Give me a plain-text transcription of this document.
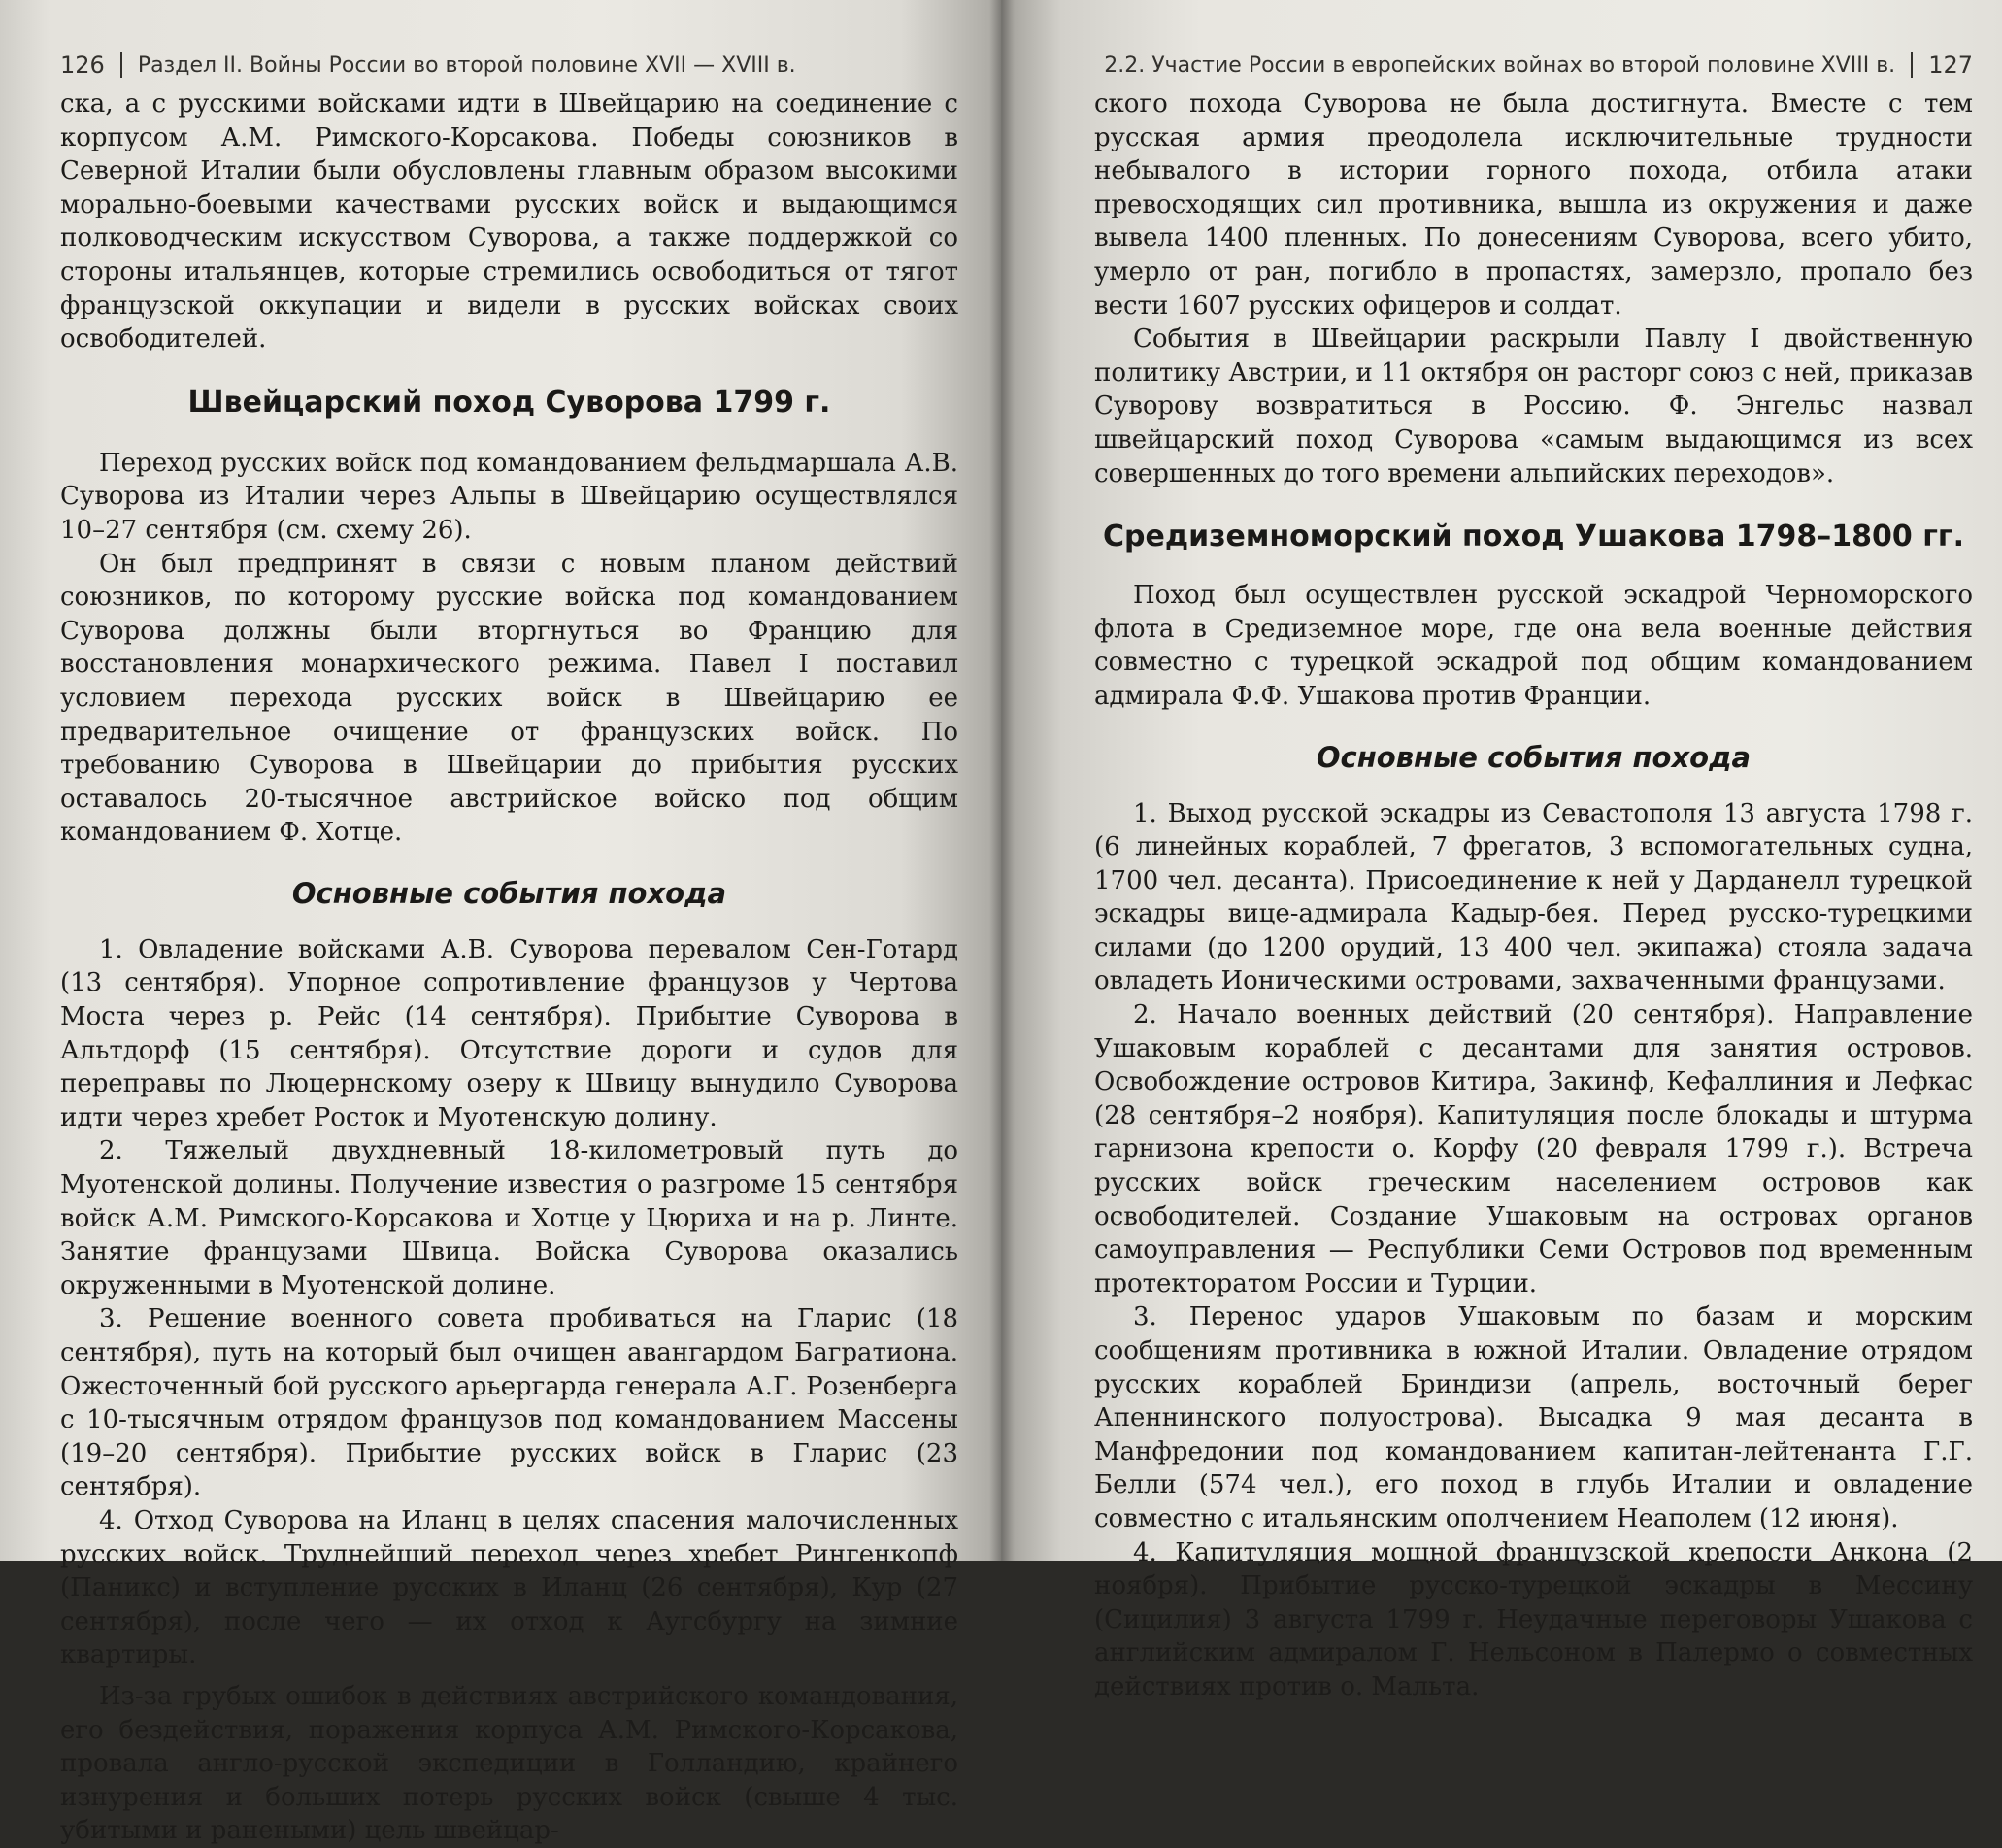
126 Раздел II. Войны России во второй половине XVII — XVIII в.

ска, а с русскими войсками идти в Швейцарию на соединение с корпусом А.М. Римского-Корсакова. Победы союзников в Северной Италии были обусловлены главным образом высокими морально-боевыми качествами русских войск и выдающимся полководческим искусством Суворова, а также поддержкой со стороны итальянцев, которые стремились освободиться от тягот французской оккупации и видели в русских войсках своих освободителей.

Швейцарский поход Суворова 1799 г.

Переход русских войск под командованием фельдмаршала А.В. Суворова из Италии через Альпы в Швейцарию осуществлялся 10–27 сентября (см. схему 26).

Он был предпринят в связи с новым планом действий союзников, по которому русские войска под командованием Суворова должны были вторгнуться во Францию для восстановления монархического режима. Павел I поставил условием перехода русских войск в Швейцарию ее предварительное очищение от французских войск. По требованию Суворова в Швейцарии до прибытия русских оставалось 20-тысячное австрийское войско под общим командованием Ф. Хотце.

Основные события похода

1. Овладение войсками А.В. Суворова перевалом Сен-Готард (13 сентября). Упорное сопротивление французов у Чертова Моста через р. Рейс (14 сентября). Прибытие Суворова в Альтдорф (15 сентября). Отсутствие дороги и судов для переправы по Люцернскому озеру к Швицу вынудило Суворова идти через хребет Росток и Муотенскую долину.

2. Тяжелый двухдневный 18-километровый путь до Муотенской долины. Получение известия о разгроме 15 сентября войск А.М. Римского-Корсакова и Хотце у Цюриха и на р. Линте. Занятие французами Швица. Войска Суворова оказались окруженными в Муотенской долине.

3. Решение военного совета пробиваться на Гларис (18 сентября), путь на который был очищен авангардом Багратиона. Ожесточенный бой русского арьергарда генерала А.Г. Розенберга с 10-тысячным отрядом французов под командованием Массены (19–20 сентября). Прибытие русских войск в Гларис (23 сентября).

4. Отход Суворова на Иланц в целях спасения малочисленных русских войск. Труднейший переход через хребет Рингенкопф (Паникс) и вступление русских в Иланц (26 сентября), Кур (27 сентября), после чего — их отход к Аугсбургу на зимние квартиры.

Из-за грубых ошибок в действиях австрийского командования, его бездействия, поражения корпуса А.М. Римского-Корсакова, провала англо-русской экспедиции в Голландию, крайнего изнурения и больших потерь русских войск (свыше 4 тыс. убитыми и ранеными) цель швейцар-

2.2. Участие России в европейских войнах во второй половине XVIII в. 127

ского похода Суворова не была достигнута. Вместе с тем русская армия преодолела исключительные трудности небывалого в истории горного похода, отбила атаки превосходящих сил противника, вышла из окружения и даже вывела 1400 пленных. По донесениям Суворова, всего убито, умерло от ран, погибло в пропастях, замерзло, пропало без вести 1607 русских офицеров и солдат.

События в Швейцарии раскрыли Павлу I двойственную политику Австрии, и 11 октября он расторг союз с ней, приказав Суворову возвратиться в Россию. Ф. Энгельс назвал швейцарский поход Суворова «самым выдающимся из всех совершенных до того времени альпийских переходов».

Средиземноморский поход Ушакова 1798–1800 гг.

Поход был осуществлен русской эскадрой Черноморского флота в Средиземное море, где она вела военные действия совместно с турецкой эскадрой под общим командованием адмирала Ф.Ф. Ушакова против Франции.

Основные события похода

1. Выход русской эскадры из Севастополя 13 августа 1798 г. (6 линейных кораблей, 7 фрегатов, 3 вспомогательных судна, 1700 чел. десанта). Присоединение к ней у Дарданелл турецкой эскадры вице-адмирала Кадыр-бея. Перед русско-турецкими силами (до 1200 орудий, 13 400 чел. экипажа) стояла задача овладеть Ионическими островами, захваченными французами.

2. Начало военных действий (20 сентября). Направление Ушаковым кораблей с десантами для занятия островов. Освобождение островов Китира, Закинф, Кефаллиния и Лефкас (28 сентября–2 ноября). Капитуляция после блокады и штурма гарнизона крепости о. Корфу (20 февраля 1799 г.). Встреча русских войск греческим населением островов как освободителей. Создание Ушаковым на островах органов самоуправления — Республики Семи Островов под временным протекторатом России и Турции.

3. Перенос ударов Ушаковым по базам и морским сообщениям противника в южной Италии. Овладение отрядом русских кораблей Бриндизи (апрель, восточный берег Апеннинского полуострова). Высадка 9 мая десанта в Манфредонии под командованием капитан-лейтенанта Г.Г. Белли (574 чел.), его поход в глубь Италии и овладение совместно с итальянским ополчением Неаполем (12 июня).

4. Капитуляция мощной французской крепости Анкона (2 ноября). Прибытие русско-турецкой эскадры в Мессину (Сицилия) 3 августа 1799 г. Неудачные переговоры Ушакова с английским адмиралом Г. Нельсоном в Палермо о совместных действиях против о. Мальта.
